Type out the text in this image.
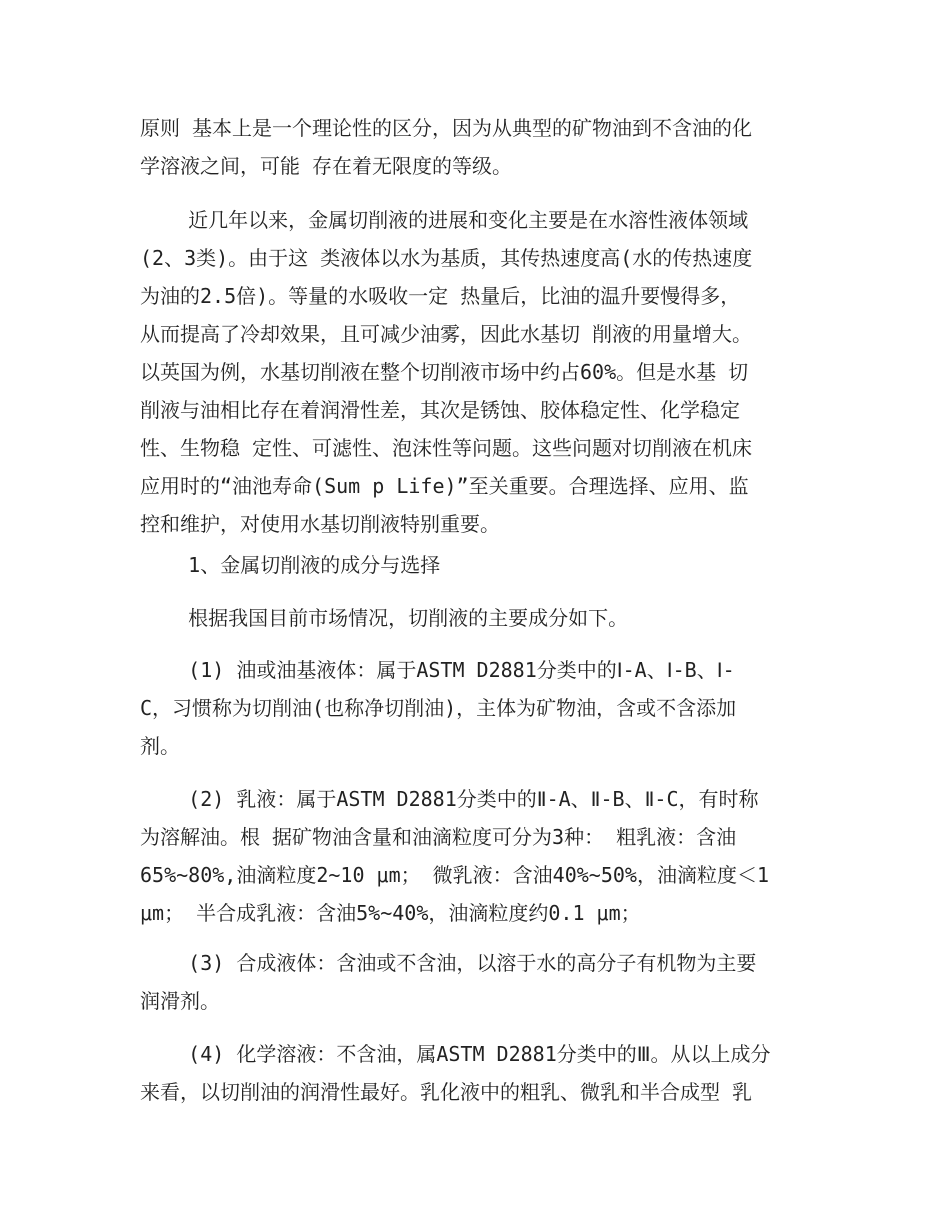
原则 基本上是一个理论性的区分，因为从典型的矿物油到不含油的化
学溶液之间，可能 存在着无限度的等级。
近几年以来，金属切削液的进展和变化主要是在水溶性液体领域
(2、3类)。由于这 类液体以水为基质，其传热速度高(水的传热速度
为油的2.5倍)。等量的水吸收一定 热量后，比油的温升要慢得多，
从而提高了冷却效果，且可减少油雾，因此水基切 削液的用量增大。
以英国为例，水基切削液在整个切削液市场中约占60%。但是水基 切
削液与油相比存在着润滑性差，其次是锈蚀、胶体稳定性、化学稳定
性、生物稳 定性、可滤性、泡沫性等问题。这些问题对切削液在机床
应用时的“油池寿命(Sum p Life)”至关重要。合理选择、应用、监
控和维护，对使用水基切削液特别重要。
1、金属切削液的成分与选择
根据我国目前市场情况，切削液的主要成分如下。
(1) 油或油基液体：属于ASTM D2881分类中的Ⅰ-A、Ⅰ-B、Ⅰ-
C，习惯称为切削油(也称净切削油)，主体为矿物油，含或不含添加
剂。
(2) 乳液：属于ASTM D2881分类中的Ⅱ-A、Ⅱ-B、Ⅱ-C，有时称
为溶解油。根 据矿物油含量和油滴粒度可分为3种： 粗乳液：含油
65%~80%,油滴粒度2~10 μm； 微乳液：含油40%~50%，油滴粒度＜1
μm； 半合成乳液：含油5%~40%，油滴粒度约0.1 μm；
(3) 合成液体：含油或不含油，以溶于水的高分子有机物为主要
润滑剂。
(4) 化学溶液：不含油，属ASTM D2881分类中的Ⅲ。从以上成分
来看，以切削油的润滑性最好。乳化液中的粗乳、微乳和半合成型 乳
